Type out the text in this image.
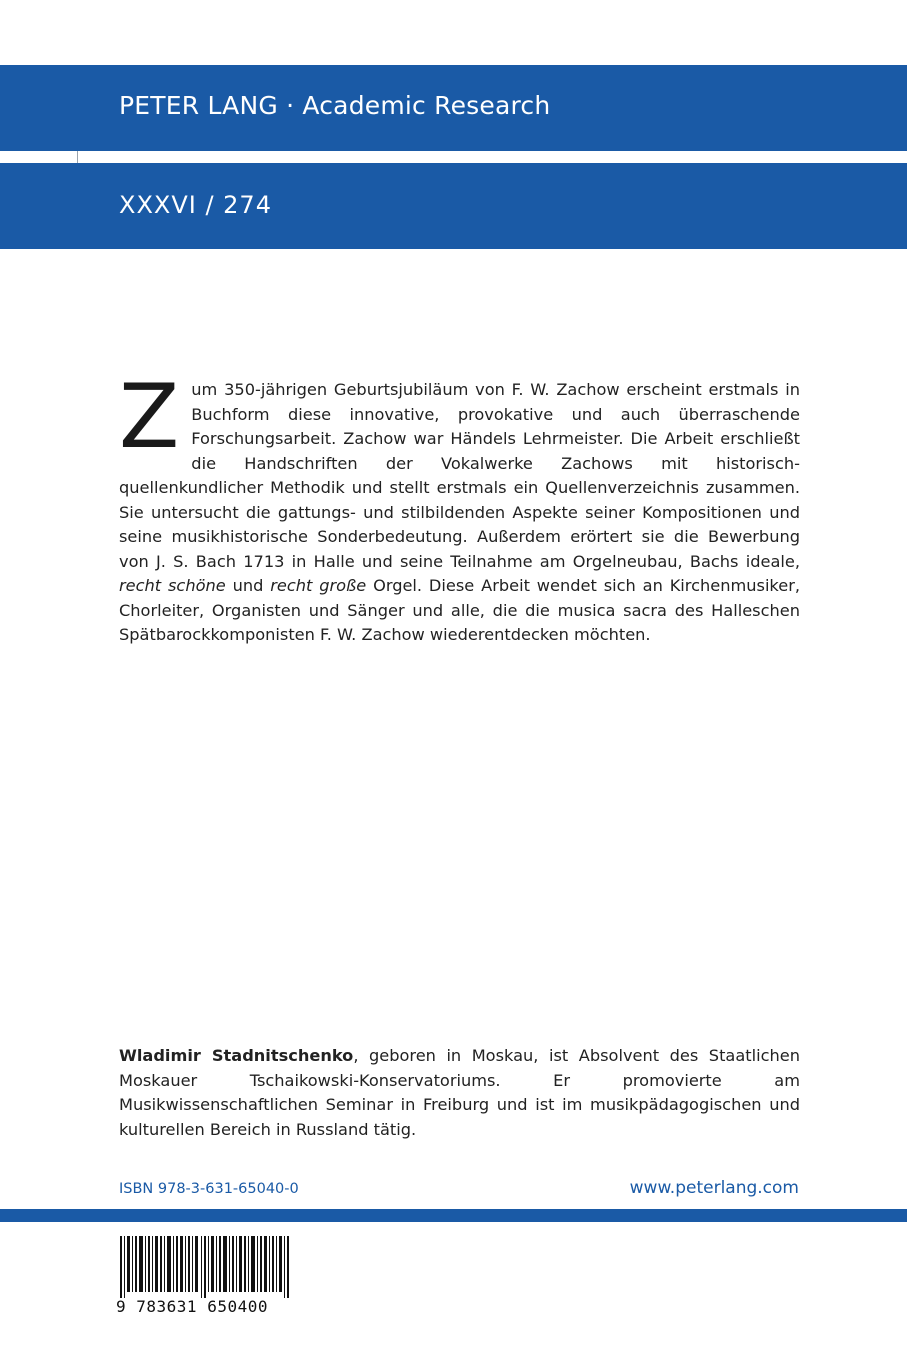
PETER LANG · Academic Research
XXXVI / 274
Z um 350-jährigen Geburtsjubiläum von F. W. Zachow erscheint erstmals in Buchform diese innovative, provokative und auch überraschende Forschungsarbeit. Zachow war Händels Lehrmeister. Die Arbeit erschließt die Handschriften der Vokalwerke Zachows mit historisch-quellenkundlicher Methodik und stellt erstmals ein Quellenverzeichnis zusammen. Sie untersucht die gattungs- und stilbildenden Aspekte seiner Kompositionen und seine musikhistorische Sonderbedeutung. Außerdem erörtert sie die Bewerbung von J. S. Bach 1713 in Halle und seine Teilnahme am Orgelneubau, Bachs ideale, recht schöne und recht große Orgel. Diese Arbeit wendet sich an Kirchenmusiker, Chorleiter, Organisten und Sänger und alle, die die musica sacra des Halleschen Spätbarockkomponisten F. W. Zachow wiederentdecken möchten.

Wladimir Stadnitschenko, geboren in Moskau, ist Absolvent des Staatlichen Moskauer Tschaikowski-Konservatoriums. Er promovierte am Musikwissenschaftlichen Seminar in Freiburg und ist im musikpädagogischen und kulturellen Bereich in Russland tätig.

ISBN 978-3-631-65040-0	www.peterlang.com
9 783631 650400
